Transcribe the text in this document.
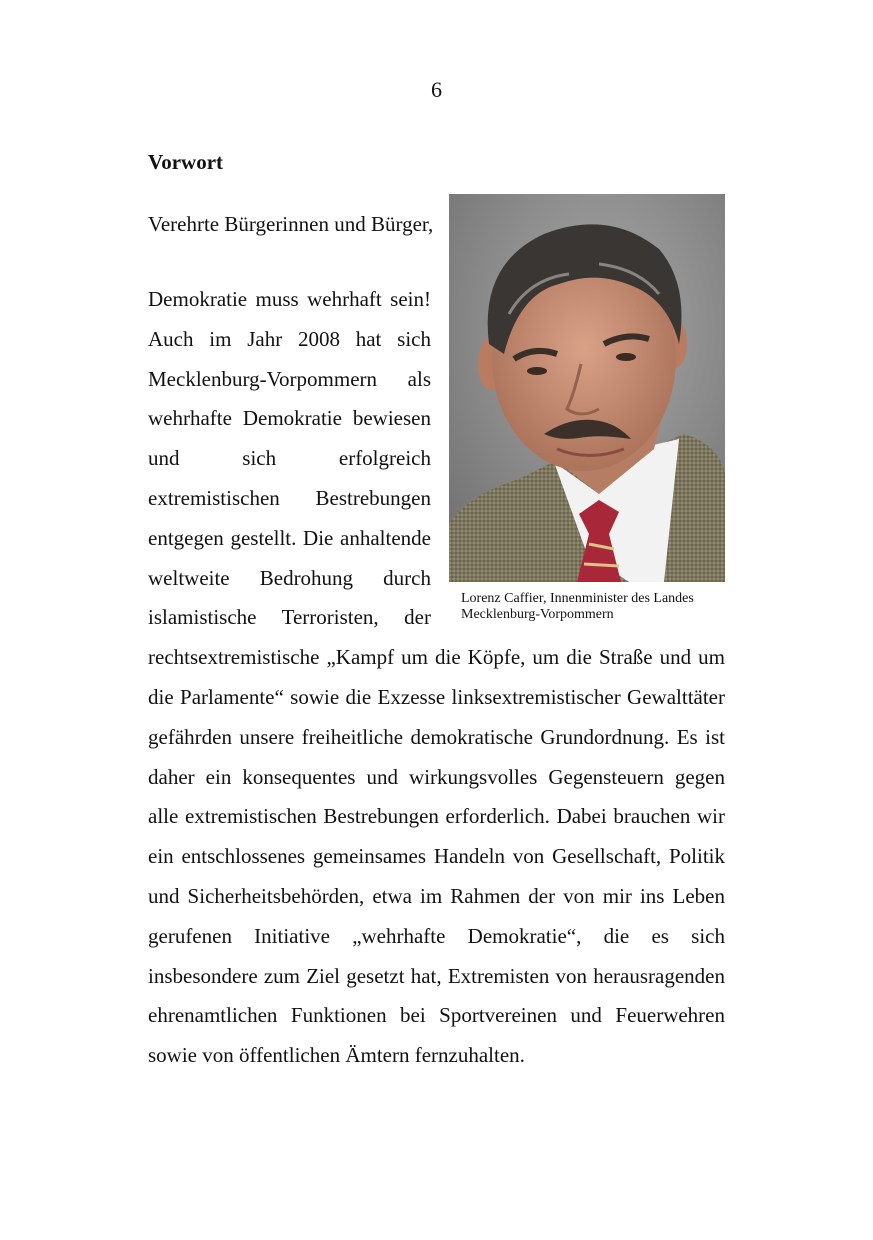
6
Vorwort

Verehrte Bürgerinnen und Bürger,

Lorenz Caffier, Innenminister des Landes
Mecklenburg-Vorpommern
Demokratie muss wehrhaft sein! Auch im Jahr 2008 hat sich Mecklenburg-Vorpommern als wehrhafte Demokratie bewiesen und sich erfolgreich extremistischen Bestrebungen entgegen gestellt. Die anhaltende weltweite Bedrohung durch islamistische Terroristen, der rechtsextremistische „Kampf um die Köpfe, um die Straße und um die Parlamente“ sowie die Exzesse linksextremistischer Gewalttäter gefährden unsere freiheitliche demokratische Grundordnung. Es ist daher ein konsequentes und wirkungsvolles Gegensteuern gegen alle extremistischen Bestrebungen erforderlich. Dabei brauchen wir ein entschlossenes gemeinsames Handeln von Gesellschaft, Politik und Sicherheitsbehörden, etwa im Rahmen der von mir ins Leben gerufenen Initiative „wehrhafte Demokratie“, die es sich insbesondere zum Ziel gesetzt hat, Extremisten von herausragenden ehrenamtlichen Funktionen bei Sportvereinen und Feuerwehren sowie von öffentlichen Ämtern fernzuhalten.
